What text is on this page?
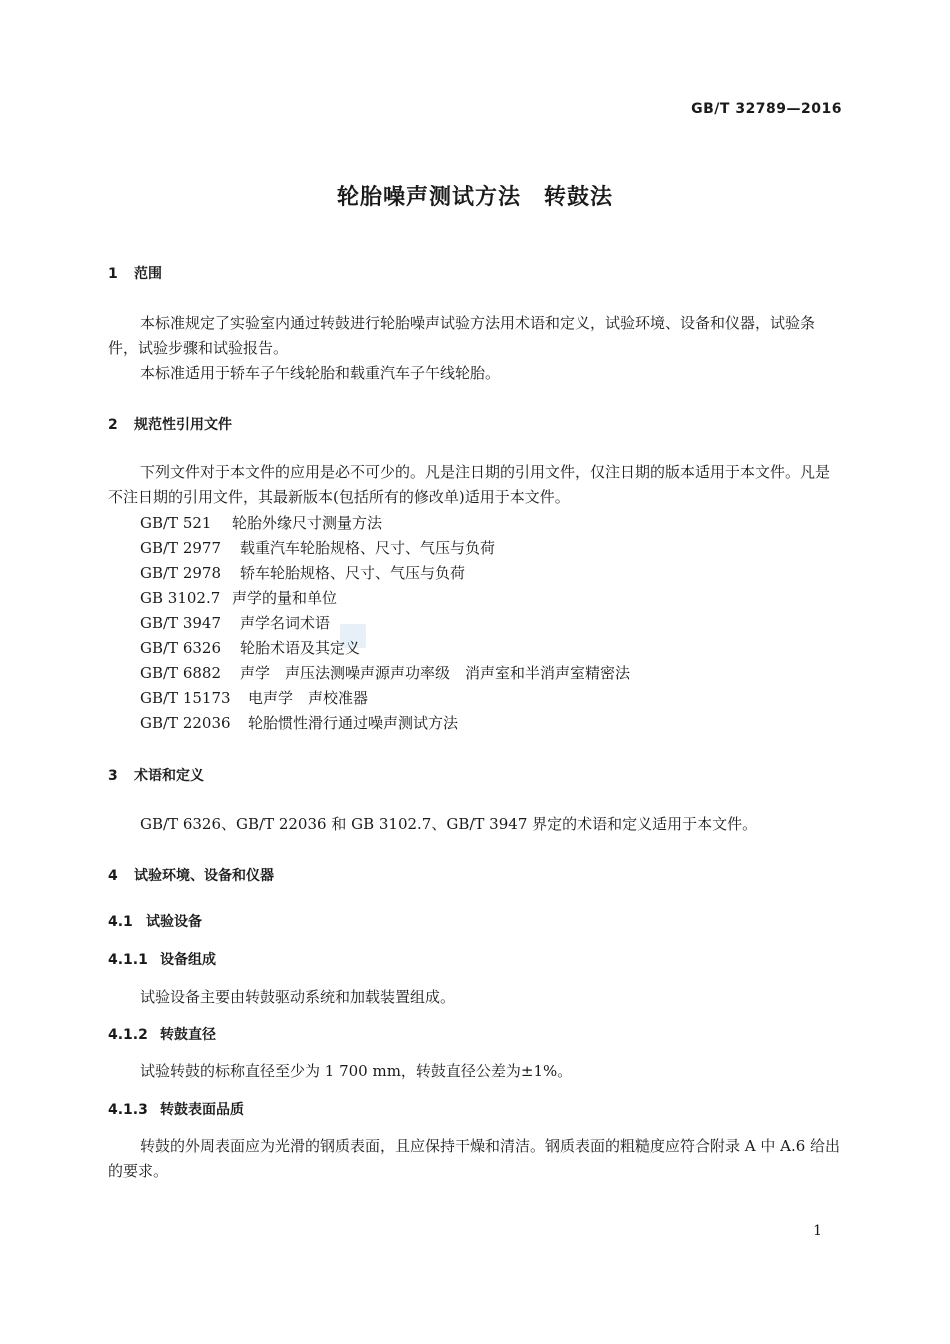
GB/T 32789—2016
轮胎噪声测试方法　转鼓法
1 范围
本标准规定了实验室内通过转鼓进行轮胎噪声试验方法用术语和定义，试验环境、设备和仪器，试验条件，试验步骤和试验报告。
本标准适用于轿车子午线轮胎和载重汽车子午线轮胎。
2 规范性引用文件
下列文件对于本文件的应用是必不可少的。凡是注日期的引用文件，仅注日期的版本适用于本文件。凡是不注日期的引用文件，其最新版本(包括所有的修改单)适用于本文件。
GB/T 521 轮胎外缘尺寸测量方法
GB/T 2977 载重汽车轮胎规格、尺寸、气压与负荷
GB/T 2978 轿车轮胎规格、尺寸、气压与负荷
GB 3102.7 声学的量和单位
GB/T 3947 声学名词术语
GB/T 6326 轮胎术语及其定义
GB/T 6882 声学　声压法测噪声源声功率级　消声室和半消声室精密法
GB/T 15173 电声学　声校准器
GB/T 22036 轮胎惯性滑行通过噪声测试方法
3 术语和定义
GB/T 6326、GB/T 22036 和 GB 3102.7、GB/T 3947 界定的术语和定义适用于本文件。
4 试验环境、设备和仪器
4.1 试验设备
4.1.1 设备组成
试验设备主要由转鼓驱动系统和加载装置组成。
4.1.2 转鼓直径
试验转鼓的标称直径至少为 1 700 mm，转鼓直径公差为±1%。
4.1.3 转鼓表面品质
转鼓的外周表面应为光滑的钢质表面，且应保持干燥和清洁。钢质表面的粗糙度应符合附录 A 中 A.6 给出的要求。
1
